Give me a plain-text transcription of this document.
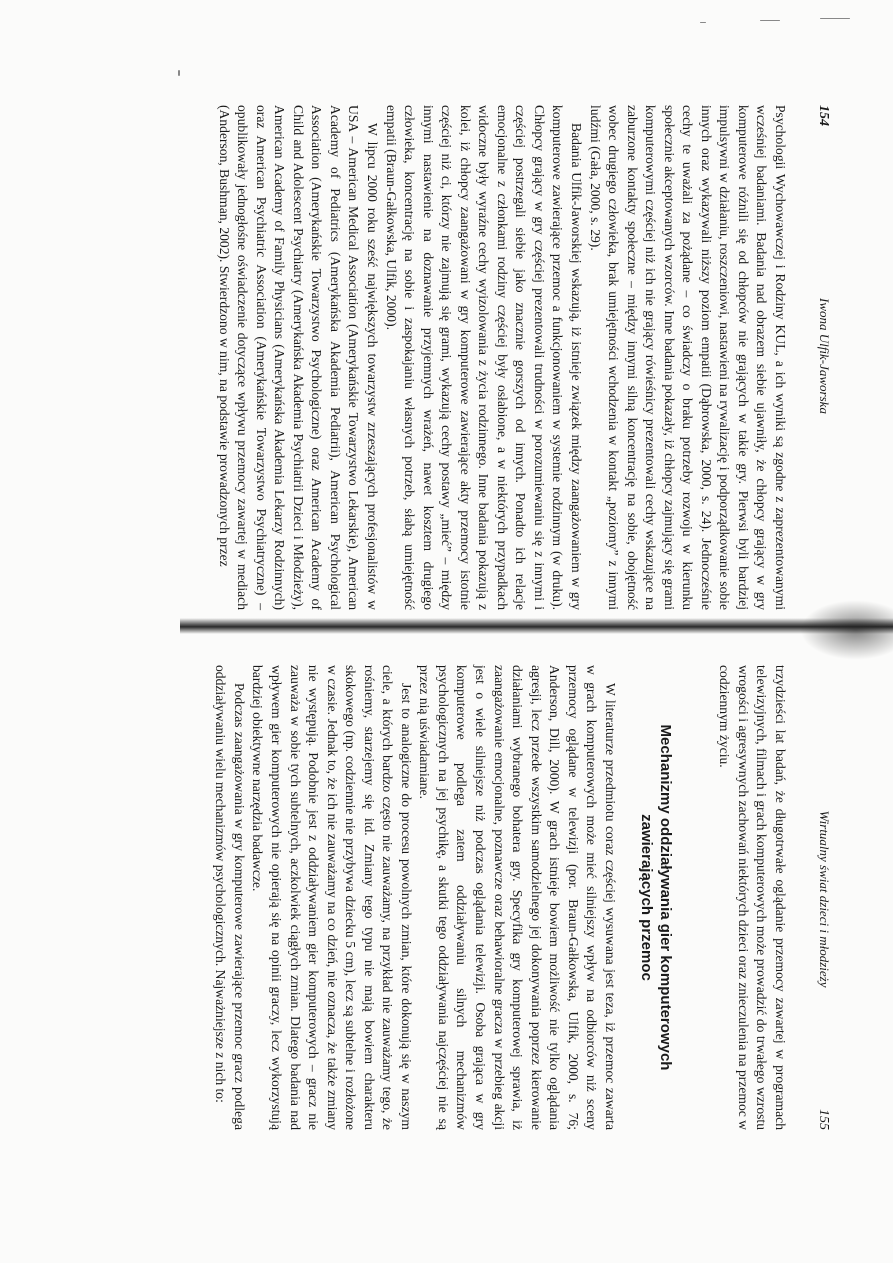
154
Iwona Ulfik-Jaworska

Psychologii Wychowawczej i Rodziny KUL, a ich wyniki są zgodne z zaprezentowanymi wcześniej badaniami. Badania nad obrazem siebie ujawniły, że chłopcy grający w gry komputerowe różnili się od chłopców nie grających w takie gry. Pierwsi byli bardziej impulsywni w działaniu, roszczeniowi, nastawieni na rywalizację i podporządkowanie sobie innych oraz wykazywali niższy poziom empatii (Dąbrowska, 2000, s. 24). Jednocześnie cechy te uważali za pożądane – co świadczy o braku potrzeby rozwoju w kierunku społecznie akceptowanych wzorców. Inne badania pokazały, iż chłopcy zajmujący się grami komputerowymi częściej niż ich nie grający rówieśnicy prezentowali cechy wskazujące na zaburzone kontakty społeczne – między innymi silną koncentrację na sobie, obojętność wobec drugiego człowieka, brak umiejętności wchodzenia w kontakt „poziomy” z innymi ludźmi (Gała, 2000, s. 29).

Badania Ulfik-Jaworskiej wskazują, iż istnieje związek między zaangażowaniem w gry komputerowe zawierające przemoc a funkcjonowaniem w systemie rodzinnym (w druku). Chłopcy grający w gry częściej prezentowali trudności w porozumiewaniu się z innymi i częściej postrzegali siebie jako znacznie gorszych od innych. Ponadto ich relacje emocjonalne z członkami rodziny częściej były osłabione, a w niektórych przypadkach widoczne były wyraźne cechy wyizolowania z życia rodzinnego. Inne badania pokazują z kolei, iż chłopcy zaangażowani w gry komputerowe zawierające akty przemocy istotnie częściej niż ci, którzy nie zajmują się grami, wykazują cechy postawy „mieć” – między innymi nastawienie na doznawanie przyjemnych wrażeń, nawet kosztem drugiego człowieka, koncentrację na sobie i zaspokajaniu własnych potrzeb, słabą umiejętność empatii (Braun-Gałkowska, Ulfik, 2000).

W lipcu 2000 roku sześć największych towarzystw zrzeszających profesjonalistów w USA – American Medical Association (Amerykańskie Towarzystwo Lekarskie), American Academy of Pediatrics (Amerykańska Akademia Pediatrii), American Psychological Association (Amerykańskie Towarzystwo Psychologiczne) oraz American Academy of Child and Adolescent Psychiatry (Amerykańska Akademia Psychiatrii Dzieci i Młodzieży), American Academy of Family Physicians (Amerykańska Akademia Lekarzy Rodzinnych) oraz American Psychiatric Association (Amerykańskie Towarzystwo Psychiatryczne) – opublikowały jednogłośne oświadczenie dotyczące wpływu przemocy zawartej w mediach (Anderson, Bushman, 2002). Stwierdzono w nim, na podstawie prowadzonych przez

Wirtualny świat dzieci i młodzieży
155

trzydzieści lat badań, że długotrwałe oglądanie przemocy zawartej w programach telewizyjnych, filmach i grach komputerowych może prowadzić do trwałego wzrostu wrogości i agresywnych zachowań niektórych dzieci oraz znieczulenia na przemoc w codziennym życiu.

Mechanizmy oddziaływania gier komputerowych
zawierających przemoc

W literaturze przedmiotu coraz częściej wysuwana jest teza, iż przemoc zawarta w grach komputerowych może mieć silniejszy wpływ na odbiorców niż sceny przemocy oglądane w telewizji (por. Braun-Gałkowska, Ulfik, 2000, s. 76; Anderson, Dill, 2000). W grach istnieje bowiem możliwość nie tylko oglądania agresji, lecz przede wszystkim samodzielnego jej dokonywania poprzez kierowanie działaniami wybranego bohatera gry. Specyfika gry komputerowej sprawia, iż zaangażowanie emocjonalne, poznawcze oraz behawioralne gracza w przebieg akcji jest o wiele silniejsze niż podczas oglądania telewizji. Osoba grająca w gry komputerowe podlega zatem oddziaływaniu silnych mechanizmów psychologicznych na jej psychikę, a skutki tego oddziaływania najczęściej nie są przez nią uświadamiane.

Jest to analogiczne do procesu powolnych zmian, które dokonują się w naszym ciele, a których bardzo często nie zauważamy, na przykład nie zauważamy tego, że rośniemy, starzejemy się itd. Zmiany tego typu nie mają bowiem charakteru skokowego (np. codziennie nie przybywa dziecku 5 cm), lecz są subtelne i rozłożone w czasie. Jednak to, że ich nie zauważamy na co dzień, nie oznacza, że także zmiany nie występują. Podobnie jest z oddziaływaniem gier komputerowych – gracz nie zauważa w sobie tych subtelnych, aczkolwiek ciągłych zmian. Dlatego badania nad wpływem gier komputerowych nie opierają się na opinii graczy, lecz wykorzystują bardziej obiektywne narzędzia badawcze.

Podczas zaangażowania w gry komputerowe zawierające przemoc gracz podlega oddziaływaniu wielu mechanizmów psychologicznych. Najważniejsze z nich to:
